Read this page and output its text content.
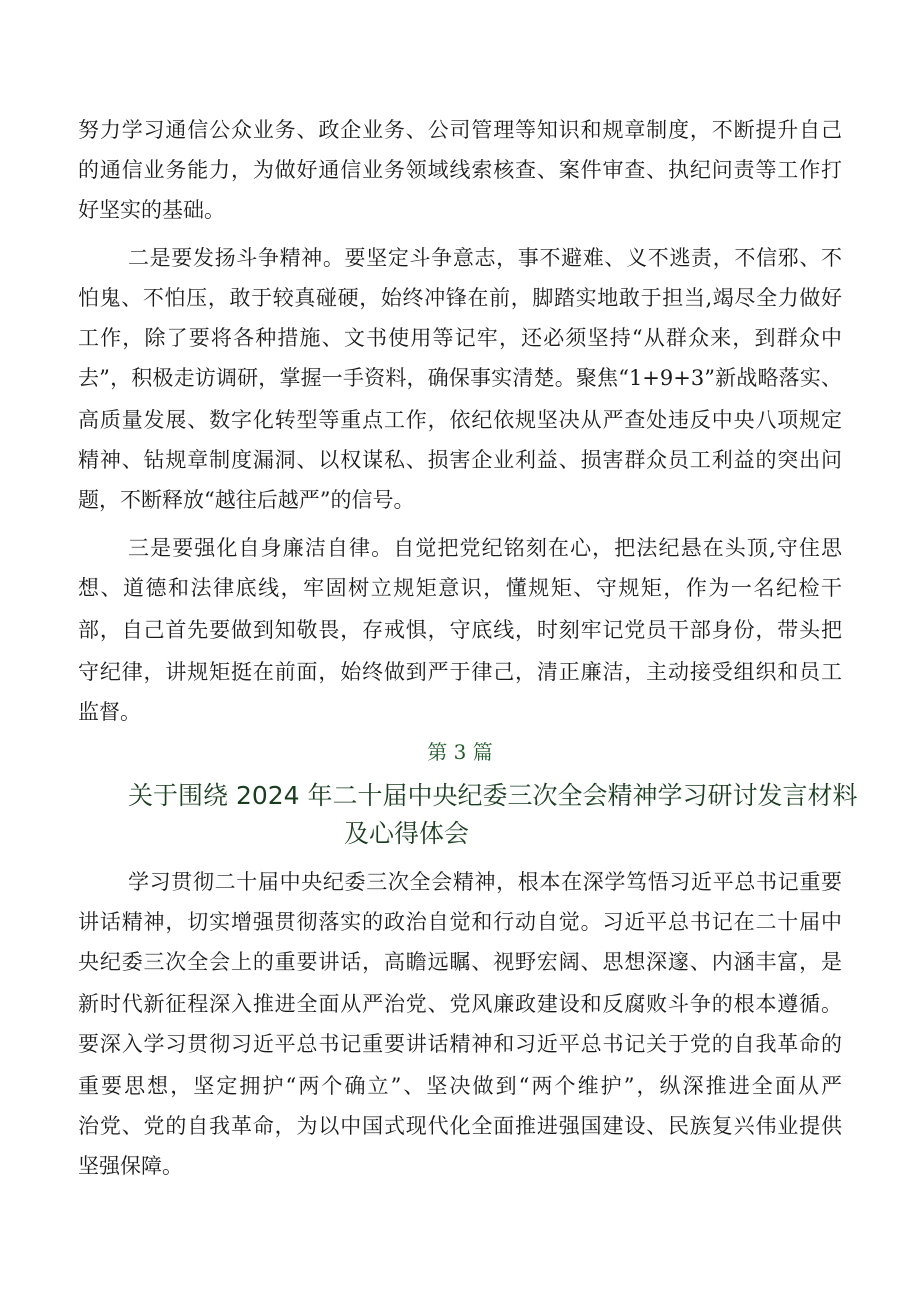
努力学习通信公众业务、政企业务、公司管理等知识和规章制度，不断提升自己
的通信业务能力，为做好通信业务领域线索核查、案件审查、执纪问责等工作打
好坚实的基础。
二是要发扬斗争精神。要坚定斗争意志，事不避难、义不逃责，不信邪、不
怕鬼、不怕压，敢于较真碰硬，始终冲锋在前，脚踏实地敢于担当,竭尽全力做好
工作，除了要将各种措施、文书使用等记牢，还必须坚持“从群众来，到群众中
去”，积极走访调研，掌握一手资料，确保事实清楚。聚焦“1+9+3”新战略落实、
高质量发展、数字化转型等重点工作，依纪依规坚决从严查处违反中央八项规定
精神、钻规章制度漏洞、以权谋私、损害企业利益、损害群众员工利益的突出问
题，不断释放“越往后越严”的信号。
三是要强化自身廉洁自律。自觉把党纪铭刻在心，把法纪悬在头顶,守住思
想、道德和法律底线，牢固树立规矩意识，懂规矩、守规矩，作为一名纪检干
部，自己首先要做到知敬畏，存戒惧，守底线，时刻牢记党员干部身份，带头把
守纪律，讲规矩挺在前面，始终做到严于律己，清正廉洁，主动接受组织和员工
监督。
第 3 篇
关于围绕 2024 年二十届中央纪委三次全会精神学习研讨发言材料
及心得体会
学习贯彻二十届中央纪委三次全会精神，根本在深学笃悟习近平总书记重要
讲话精神，切实增强贯彻落实的政治自觉和行动自觉。习近平总书记在二十届中
央纪委三次全会上的重要讲话，高瞻远瞩、视野宏阔、思想深邃、内涵丰富，是
新时代新征程深入推进全面从严治党、党风廉政建设和反腐败斗争的根本遵循。
要深入学习贯彻习近平总书记重要讲话精神和习近平总书记关于党的自我革命的
重要思想，坚定拥护“两个确立”、坚决做到“两个维护”，纵深推进全面从严
治党、党的自我革命，为以中国式现代化全面推进强国建设、民族复兴伟业提供
坚强保障。
